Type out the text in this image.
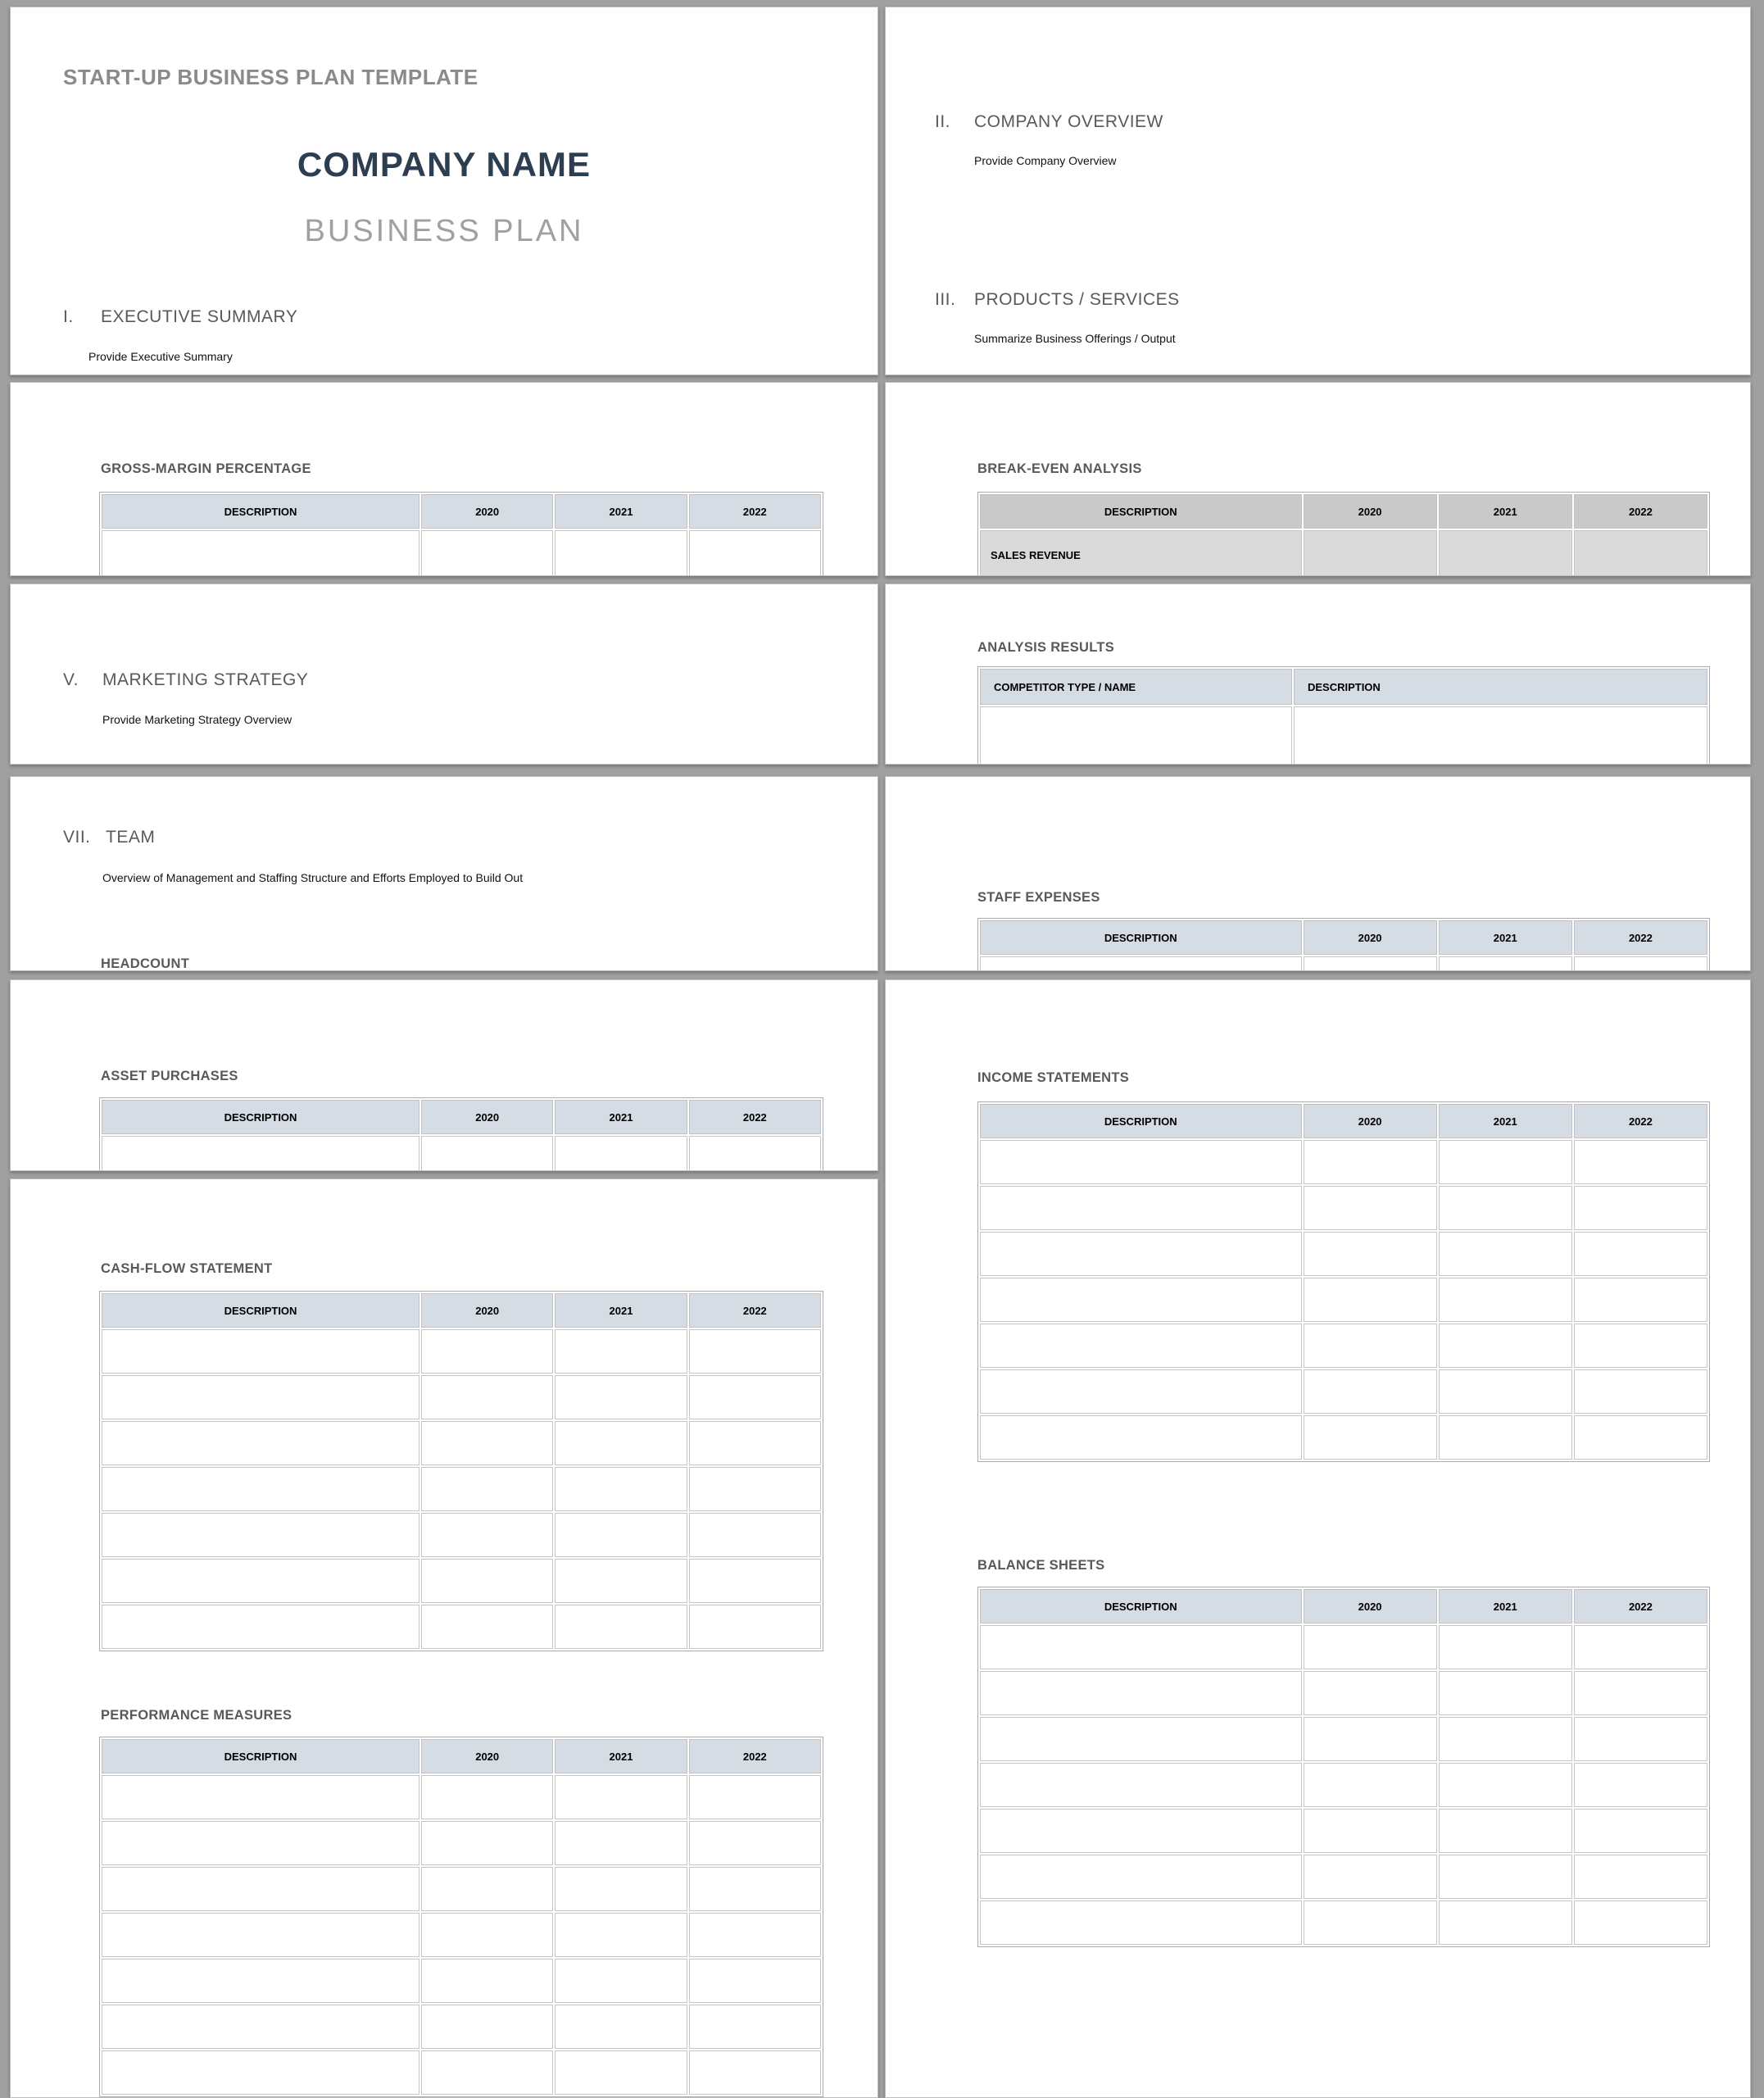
START-UP BUSINESS PLAN TEMPLATE
COMPANY NAME
BUSINESS PLAN
I. EXECUTIVE SUMMARY
Provide Executive Summary
GROSS-MARGIN PERCENTAGE
DESCRIPTION	2020	2021	2022

V. MARKETING STRATEGY
Provide Marketing Strategy Overview
VII. TEAM
Overview of Management and Staffing Structure and Efforts Employed to Build Out
HEADCOUNT
ASSET PURCHASES
DESCRIPTION	2020	2021	2022

CASH-FLOW STATEMENT
DESCRIPTION	2020	2021	2022

PERFORMANCE MEASURES
DESCRIPTION	2020	2021	2022

II. COMPANY OVERVIEW
Provide Company Overview
III. PRODUCTS / SERVICES
Summarize Business Offerings / Output
BREAK-EVEN ANALYSIS
DESCRIPTION	2020	2021	2022
SALES REVENUE			
ANALYSIS RESULTS
COMPETITOR TYPE / NAME	DESCRIPTION

STAFF EXPENSES
DESCRIPTION	2020	2021	2022

INCOME STATEMENTS
DESCRIPTION	2020	2021	2022

BALANCE SHEETS
DESCRIPTION	2020	2021	2022
